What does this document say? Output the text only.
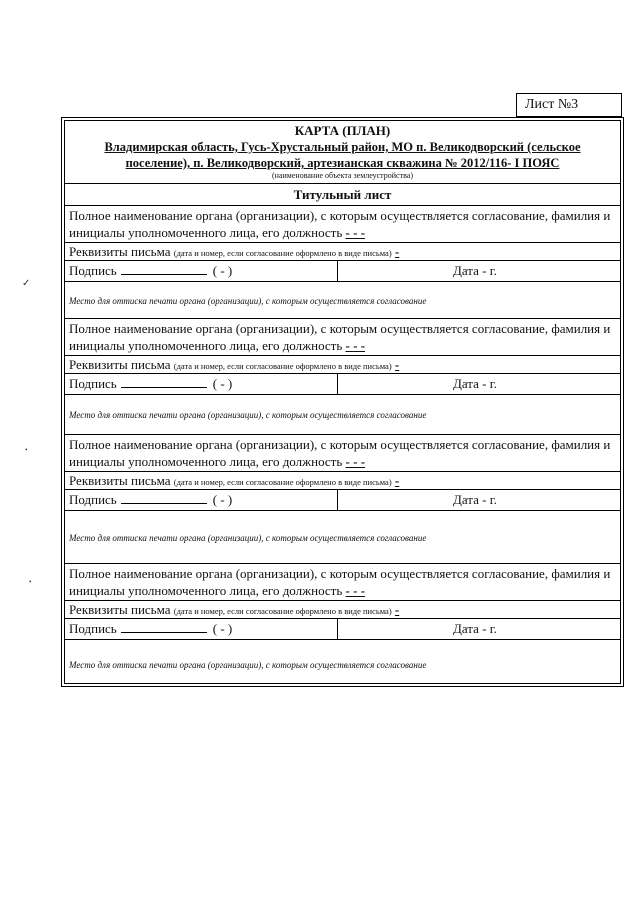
Лист №3
КАРТА (ПЛАН)
Владимирская область, Гусь-Хрустальный район, МО п. Великодворский (сельское
поселение), п. Великодворский, артезианская скважина № 2012/116- I ПОЯС
(наименование объекта землеустройства)
Титульный лист
Полное наименование органа (организации), с которым осуществляется согласование, фамилия и инициалы уполномоченного лица, его должность - - -
Реквизиты письма (дата и номер, если согласование оформлено в виде письма) -
Подпись	( - )	Дата - г.
Место для оттиска печати органа (организации), с которым осуществляется согласование
Полное наименование органа (организации), с которым осуществляется согласование, фамилия и инициалы уполномоченного лица, его должность - - -
Реквизиты письма (дата и номер, если согласование оформлено в виде письма) -
Подпись	( - )	Дата - г.
Место для оттиска печати органа (организации), с которым осуществляется согласование
Полное наименование органа (организации), с которым осуществляется согласование, фамилия и инициалы уполномоченного лица, его должность - - -
Реквизиты письма (дата и номер, если согласование оформлено в виде письма) -
Подпись	( - )	Дата - г.
Место для оттиска печати органа (организации), с которым осуществляется согласование
Полное наименование органа (организации), с которым осуществляется согласование, фамилия и инициалы уполномоченного лица, его должность - - -
Реквизиты письма (дата и номер, если согласование оформлено в виде письма) -
Подпись	( - )	Дата - г.
Место для оттиска печати органа (организации), с которым осуществляется согласование
✓
•
•
